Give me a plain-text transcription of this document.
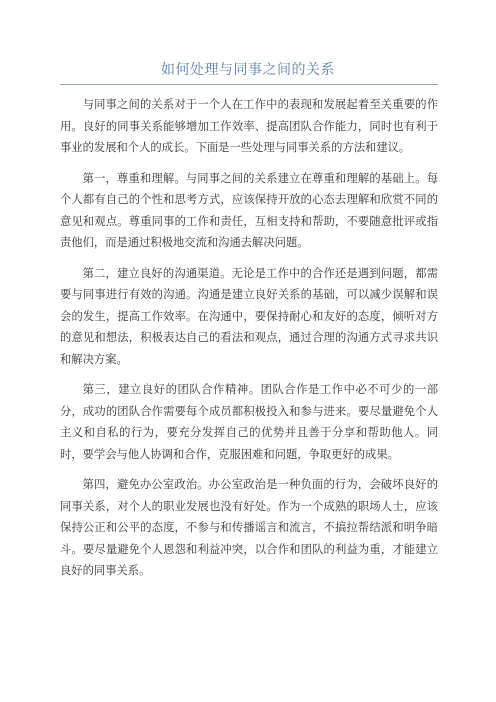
如何处理与同事之间的关系

与同事之间的关系对于一个人在工作中的表现和发展起着至关重要的作用。良好的同事关系能够增加工作效率、提高团队合作能力，同时也有利于事业的发展和个人的成长。下面是一些处理与同事关系的方法和建议。

第一，尊重和理解。与同事之间的关系建立在尊重和理解的基础上。每个人都有自己的个性和思考方式，应该保持开放的心态去理解和欣赏不同的意见和观点。尊重同事的工作和责任，互相支持和帮助，不要随意批评或指责他们，而是通过积极地交流和沟通去解决问题。

第二，建立良好的沟通渠道。无论是工作中的合作还是遇到问题，都需要与同事进行有效的沟通。沟通是建立良好关系的基础，可以减少误解和误会的发生，提高工作效率。在沟通中，要保持耐心和友好的态度，倾听对方的意见和想法，积极表达自己的看法和观点，通过合理的沟通方式寻求共识和解决方案。

第三，建立良好的团队合作精神。团队合作是工作中必不可少的一部分，成功的团队合作需要每个成员都积极投入和参与进来。要尽量避免个人主义和自私的行为，要充分发挥自己的优势并且善于分享和帮助他人。同时，要学会与他人协调和合作，克服困难和问题，争取更好的成果。

第四，避免办公室政治。办公室政治是一种负面的行为，会破坏良好的同事关系，对个人的职业发展也没有好处。作为一个成熟的职场人士，应该保持公正和公平的态度，不参与和传播谣言和流言，不搞拉帮结派和明争暗斗。要尽量避免个人恩怨和利益冲突，以合作和团队的利益为重，才能建立良好的同事关系。
